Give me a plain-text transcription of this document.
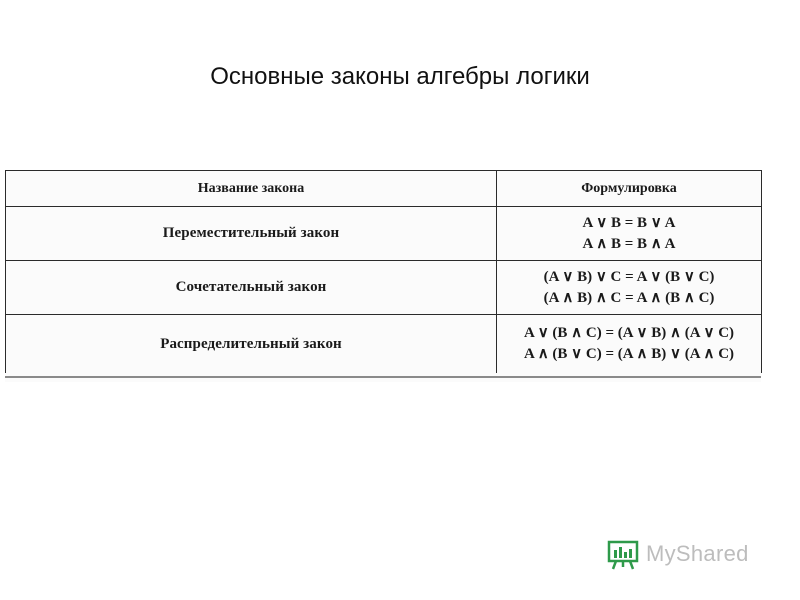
Основные законы алгебры логики
Название закона	Формулировка
Переместительный закон	A ∨ B = B ∨ A
A ∧ B = B ∧ A

Сочетательный закон	(A ∨ B) ∨ C = A ∨ (B ∨ C)
(A ∧ B) ∧ C = A ∧ (B ∧ C)

Распределительный закон	A ∨ (B ∧ C) = (A ∨ B) ∧ (A ∨ C)
A ∧ (B ∨ C) = (A ∧ B) ∨ (A ∧ C)
MyShared
